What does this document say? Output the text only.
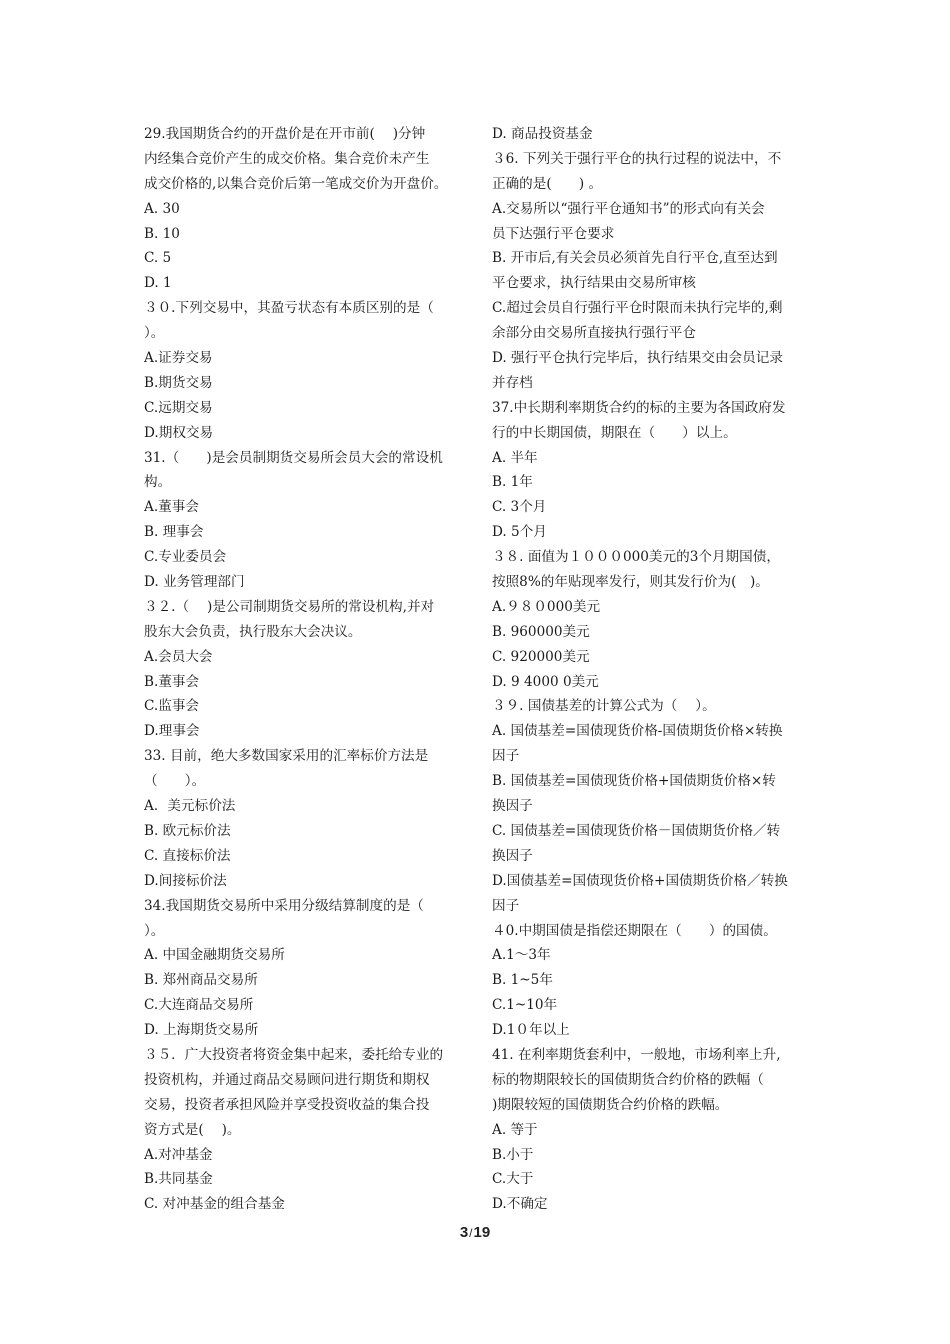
29.我国期货合约的开盘价是在开市前(　 )分钟
内经集合竞价产生的成交价格。集合竞价未产生
成交价格的,以集合竞价后第一笔成交价为开盘价。
A. 30
B. 10
C. 5
D. 1
３０.下列交易中，其盈亏状态有本质区别的是（
）。
A.证券交易
B.期货交易
C.远期交易
D.期权交易
31.（　　)是会员制期货交易所会员大会的常设机
构。
A.董事会
B. 理事会
C.专业委员会
D. 业务管理部门
３２.（　 )是公司制期货交易所的常设机构,并对
股东大会负责，执行股东大会决议。
A.会员大会
B.董事会
C.监事会
D.理事会
33. 目前，绝大多数国家采用的汇率标价方法是
（　　）。
A．美元标价法
B. 欧元标价法
C. 直接标价法
D.间接标价法
34.我国期货交易所中采用分级结算制度的是（
）。
A. 中国金融期货交易所
B. 郑州商品交易所
C.大连商品交易所
D. 上海期货交易所
３５．广大投资者将资金集中起来，委托给专业的
投资机构，并通过商品交易顾问进行期货和期权
交易，投资者承担风险并享受投资收益的集合投
资方式是(　 )。
A.对冲基金
B.共同基金
C. 对冲基金的组合基金
D. 商品投资基金
３6. 下列关于强行平仓的执行过程的说法中，不
正确的是(　　) 。
A.交易所以“强行平仓通知书”的形式向有关会
员下达强行平仓要求
B. 开市后,有关会员必须首先自行平仓,直至达到
平仓要求，执行结果由交易所审核
C.超过会员自行强行平仓时限而未执行完毕的,剩
余部分由交易所直接执行强行平仓
D. 强行平仓执行完毕后，执行结果交由会员记录
并存档
37.中长期利率期货合约的标的主要为各国政府发
行的中长期国债，期限在（　　）以上。
A. 半年
B. 1年
C. 3个月
D. 5个月
３８. 面值为１０００000美元的3个月期国债，
按照8%的年贴现率发行，则其发行价为(　)。
A.９８０000美元
B. 960000美元
C. 920000美元
D. 9 4000 0美元
３９. 国债基差的计算公式为（　 ）。
A. 国债基差=国债现货价格-国债期货价格×转换
因子
B. 国债基差=国债现货价格+国债期货价格×转
换因子
C. 国债基差=国债现货价格－国债期货价格／转
换因子
D.国债基差=国债现货价格+国债期货价格／转换
因子
４0.中期国债是指偿还期限在（　　）的国债。
A.1～3年
B. 1~5年
C.1~10年
D.1０年以上
41. 在利率期货套利中，一般地，市场利率上升,
标的物期限较长的国债期货合约价格的跌幅（
)期限较短的国债期货合约价格的跌幅。
A. 等于
B.小于
C.大于
D.不确定
3/19
